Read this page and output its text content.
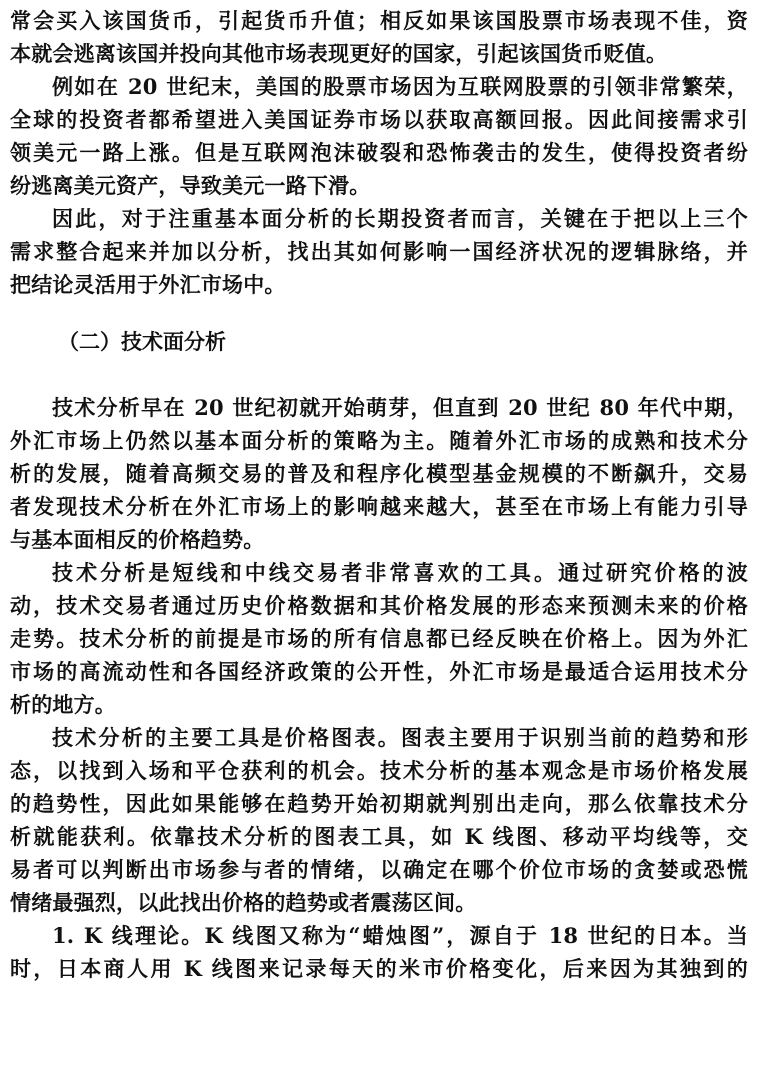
常会买入该国货币，引起货币升值；相反如果该国股票市场表现不佳，资
本就会逃离该国并投向其他市场表现更好的国家，引起该国货币贬值。
例如在 20 世纪末，美国的股票市场因为互联网股票的引领非常繁荣，
全球的投资者都希望进入美国证券市场以获取高额回报。因此间接需求引
领美元一路上涨。但是互联网泡沫破裂和恐怖袭击的发生，使得投资者纷
纷逃离美元资产，导致美元一路下滑。
因此，对于注重基本面分析的长期投资者而言，关键在于把以上三个
需求整合起来并加以分析，找出其如何影响一国经济状况的逻辑脉络，并
把结论灵活用于外汇市场中。
（二）技术面分析
技术分析早在 20 世纪初就开始萌芽，但直到 20 世纪 80 年代中期，
外汇市场上仍然以基本面分析的策略为主。随着外汇市场的成熟和技术分
析的发展，随着高频交易的普及和程序化模型基金规模的不断飙升，交易
者发现技术分析在外汇市场上的影响越来越大，甚至在市场上有能力引导
与基本面相反的价格趋势。
技术分析是短线和中线交易者非常喜欢的工具。通过研究价格的波
动，技术交易者通过历史价格数据和其价格发展的形态来预测未来的价格
走势。技术分析的前提是市场的所有信息都已经反映在价格上。因为外汇
市场的高流动性和各国经济政策的公开性，外汇市场是最适合运用技术分
析的地方。
技术分析的主要工具是价格图表。图表主要用于识别当前的趋势和形
态，以找到入场和平仓获利的机会。技术分析的基本观念是市场价格发展
的趋势性，因此如果能够在趋势开始初期就判别出走向，那么依靠技术分
析就能获利。依靠技术分析的图表工具，如 K 线图、移动平均线等，交
易者可以判断出市场参与者的情绪，以确定在哪个价位市场的贪婪或恐慌
情绪最强烈，以此找出价格的趋势或者震荡区间。
1. K 线理论。K 线图又称为“蜡烛图”，源自于 18 世纪的日本。当
时，日本商人用 K 线图来记录每天的米市价格变化，后来因为其独到的
